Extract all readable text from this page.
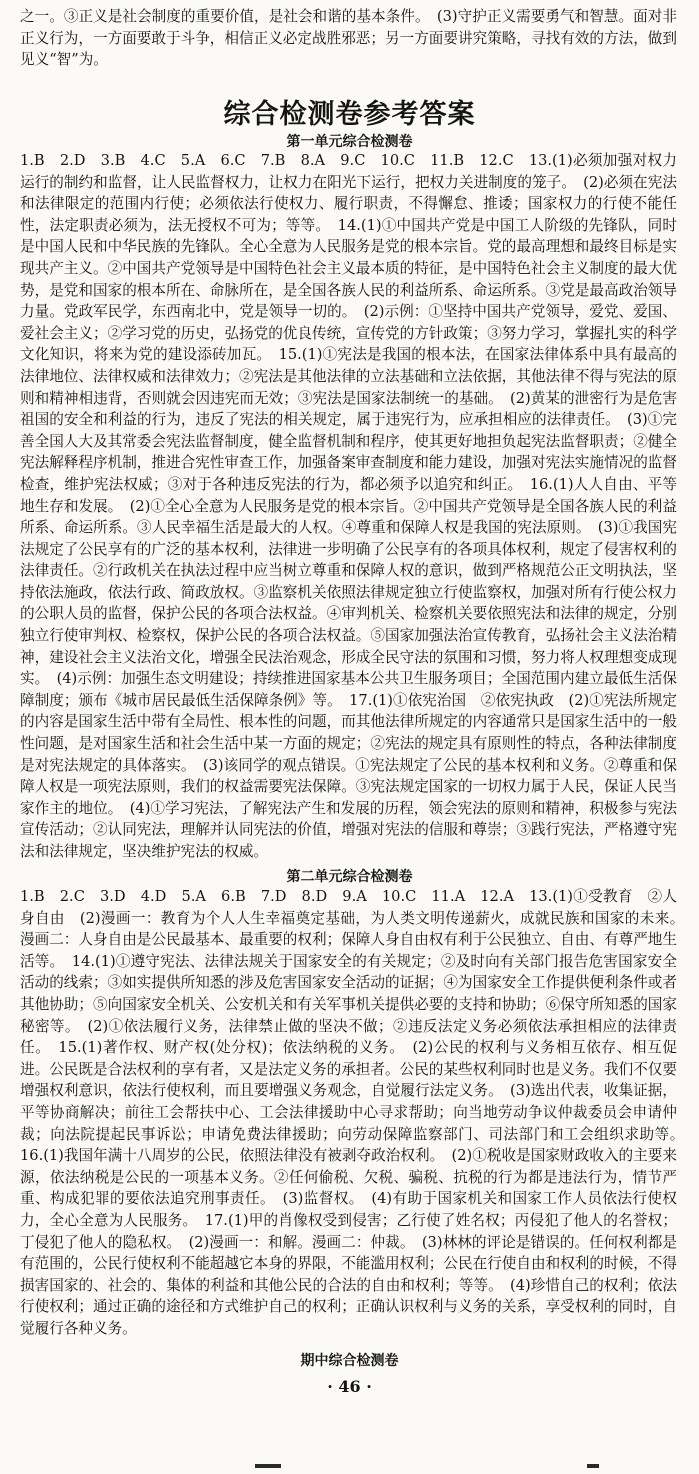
之一。③正义是社会制度的重要价值，是社会和谐的基本条件。　(3)守护正义需要勇气和智慧。面对非正义行为，一方面要敢于斗争，相信正义必定战胜邪恶；另一方面要讲究策略，寻找有效的方法，做到见义“智”为。
综合检测卷参考答案
第一单元综合检测卷
1.B　2.D　3.B　4.C　5.A　6.C　7.B　8.A　9.C　10.C　11.B　12.C　13.(1)必须加强对权力运行的制约和监督，让人民监督权力，让权力在阳光下运行，把权力关进制度的笼子。　(2)必须在宪法和法律限定的范围内行使；必须依法行使权力、履行职责，不得懈怠、推诿；国家权力的行使不能任性，法定职责必须为，法无授权不可为；等等。　14.(1)①中国共产党是中国工人阶级的先锋队，同时是中国人民和中华民族的先锋队。全心全意为人民服务是党的根本宗旨。党的最高理想和最终目标是实现共产主义。②中国共产党领导是中国特色社会主义最本质的特征，是中国特色社会主义制度的最大优势，是党和国家的根本所在、命脉所在，是全国各族人民的利益所系、命运所系。③党是最高政治领导力量。党政军民学，东西南北中，党是领导一切的。　(2)示例：①坚持中国共产党领导，爱党、爱国、爱社会主义；②学习党的历史，弘扬党的优良传统，宣传党的方针政策；③努力学习，掌握扎实的科学文化知识，将来为党的建设添砖加瓦。　15.(1)①宪法是我国的根本法，在国家法律体系中具有最高的法律地位、法律权威和法律效力；②宪法是其他法律的立法基础和立法依据，其他法律不得与宪法的原则和精神相违背，否则就会因违宪而无效；③宪法是国家法制统一的基础。　(2)黄某的泄密行为是危害祖国的安全和利益的行为，违反了宪法的相关规定，属于违宪行为，应承担相应的法律责任。　(3)①完善全国人大及其常委会宪法监督制度，健全监督机制和程序，使其更好地担负起宪法监督职责；②健全宪法解释程序机制，推进合宪性审查工作，加强备案审查制度和能力建设，加强对宪法实施情况的监督检查，维护宪法权威；③对于各种违反宪法的行为，都必须予以追究和纠正。　16.(1)人人自由、平等地生存和发展。　(2)①全心全意为人民服务是党的根本宗旨。②中国共产党领导是全国各族人民的利益所系、命运所系。③人民幸福生活是最大的人权。④尊重和保障人权是我国的宪法原则。　(3)①我国宪法规定了公民享有的广泛的基本权利，法律进一步明确了公民享有的各项具体权利，规定了侵害权利的法律责任。②行政机关在执法过程中应当树立尊重和保障人权的意识，做到严格规范公正文明执法，坚持依法施政，依法行政、简政放权。③监察机关依照法律规定独立行使监察权，加强对所有行使公权力的公职人员的监督，保护公民的各项合法权益。④审判机关、检察机关要依照宪法和法律的规定，分别独立行使审判权、检察权，保护公民的各项合法权益。⑤国家加强法治宣传教育，弘扬社会主义法治精神，建设社会主义法治文化，增强全民法治观念，形成全民守法的氛围和习惯，努力将人权理想变成现实。　(4)示例：加强生态文明建设；持续推进国家基本公共卫生服务项目；全国范围内建立最低生活保障制度；颁布《城市居民最低生活保障条例》等。　17.(1)①依宪治国　②依宪执政　(2)①宪法所规定的内容是国家生活中带有全局性、根本性的问题，而其他法律所规定的内容通常只是国家生活中的一般性问题，是对国家生活和社会生活中某一方面的规定；②宪法的规定具有原则性的特点，各种法律制度是对宪法规定的具体落实。　(3)该同学的观点错误。①宪法规定了公民的基本权利和义务。②尊重和保障人权是一项宪法原则，我们的权益需要宪法保障。③宪法规定国家的一切权力属于人民，保证人民当家作主的地位。　(4)①学习宪法，了解宪法产生和发展的历程，领会宪法的原则和精神，积极参与宪法宣传活动；②认同宪法，理解并认同宪法的价值，增强对宪法的信服和尊崇；③践行宪法，严格遵守宪法和法律规定，坚决维护宪法的权威。
第二单元综合检测卷
1.B　2.C　3.D　4.D　5.A　6.B　7.D　8.D　9.A　10.C　11.A　12.A　13.(1)①受教育　②人身自由　(2)漫画一：教育为个人人生幸福奠定基础，为人类文明传递薪火，成就民族和国家的未来。　漫画二：人身自由是公民最基本、最重要的权利；保障人身自由权有利于公民独立、自由、有尊严地生活等。　14.(1)①遵守宪法、法律法规关于国家安全的有关规定；②及时向有关部门报告危害国家安全活动的线索；③如实提供所知悉的涉及危害国家安全活动的证据；④为国家安全工作提供便利条件或者其他协助；⑤向国家安全机关、公安机关和有关军事机关提供必要的支持和协助；⑥保守所知悉的国家秘密等。　(2)①依法履行义务，法律禁止做的坚决不做；②违反法定义务必须依法承担相应的法律责任。　15.(1)著作权、财产权(处分权)；依法纳税的义务。　(2)公民的权利与义务相互依存、相互促进。公民既是合法权利的享有者，又是法定义务的承担者。公民的某些权利同时也是义务。我们不仅要增强权利意识，依法行使权利，而且要增强义务观念，自觉履行法定义务。　(3)选出代表，收集证据，平等协商解决；前往工会帮扶中心、工会法律援助中心寻求帮助；向当地劳动争议仲裁委员会申请仲裁；向法院提起民事诉讼；申请免费法律援助；向劳动保障监察部门、司法部门和工会组织求助等。　16.(1)我国年满十八周岁的公民，依照法律没有被剥夺政治权利。　(2)①税收是国家财政收入的主要来源，依法纳税是公民的一项基本义务。②任何偷税、欠税、骗税、抗税的行为都是违法行为，情节严重、构成犯罪的要依法追究刑事责任。　(3)监督权。　(4)有助于国家机关和国家工作人员依法行使权力，全心全意为人民服务。　17.(1)甲的肖像权受到侵害；乙行使了姓名权；丙侵犯了他人的名誉权；丁侵犯了他人的隐私权。　(2)漫画一：和解。漫画二：仲裁。　(3)林林的评论是错误的。任何权利都是有范围的，公民行使权利不能超越它本身的界限，不能滥用权利；公民在行使自由和权利的时候，不得损害国家的、社会的、集体的利益和其他公民的合法的自由和权利；等等。　(4)珍惜自己的权利；依法行使权利；通过正确的途径和方式维护自己的权利；正确认识权利与义务的关系，享受权利的同时，自觉履行各种义务。
期中综合检测卷
· 46 ·
